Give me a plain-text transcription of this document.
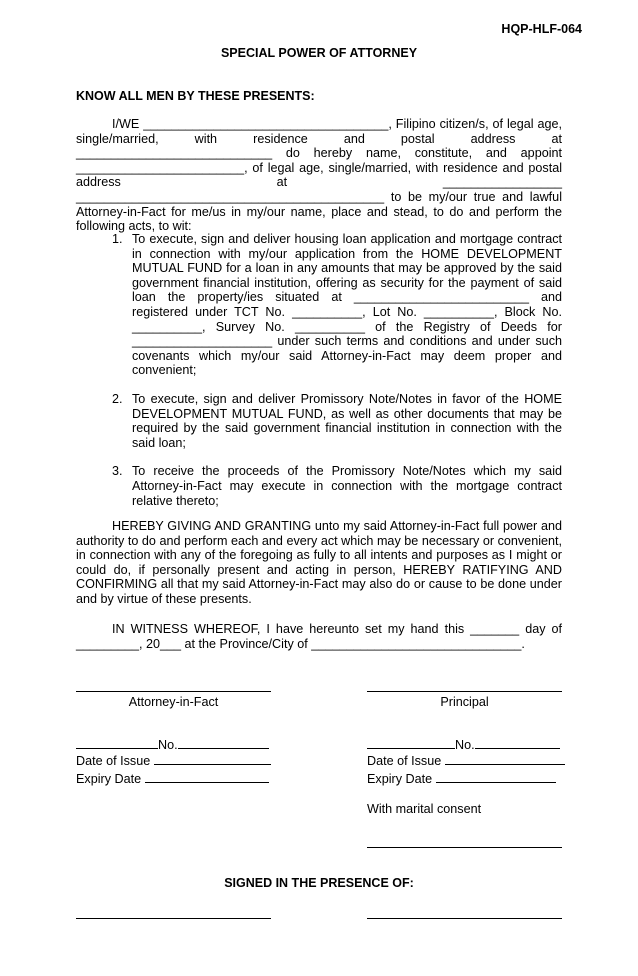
HQP-HLF-064
SPECIAL POWER OF ATTORNEY
KNOW ALL MEN BY THESE PRESENTS:

I/WE ___________________________________, Filipino citizen/s, of legal age, single/married, with residence and postal address at ____________________________ do hereby name, constitute, and appoint ________________________, of legal age, single/married, with residence and postal address at _________________ ____________________________________________ to be my/our true and lawful Attorney-in-Fact for me/us in my/our name, place and stead, to do and perform the following acts, to wit:

1. To execute, sign and deliver housing loan application and mortgage contract in connection with my/our application from the HOME DEVELOPMENT MUTUAL FUND for a loan in any amounts that may be approved by the said government financial institution, offering as security for the payment of said loan the property/ies situated at _________________________ and registered under TCT No. __________, Lot No. __________, Block No. __________, Survey No. __________ of the Registry of Deeds for ____________________ under such terms and conditions and under such covenants which my/our said Attorney-in-Fact may deem proper and convenient;
2. To execute, sign and deliver Promissory Note/Notes in favor of the HOME DEVELOPMENT MUTUAL FUND, as well as other documents that may be required by the said government financial institution in connection with the said loan;
3. To receive the proceeds of the Promissory Note/Notes which my said Attorney-in-Fact may execute in connection with the mortgage contract relative thereto;

HEREBY GIVING AND GRANTING unto my said Attorney-in-Fact full power and authority to do and perform each and every act which may be necessary or convenient, in connection with any of the foregoing as fully to all intents and purposes as I might or could do, if personally present and acting in person, HEREBY RATIFYING AND CONFIRMING all that my said Attorney-in-Fact may also do or cause to be done under and by virtue of these presents.

IN WITNESS WHEREOF, I have hereunto set my hand this _______ day of _________, 20___ at the Province/City of ______________________________.

Attorney-in-Fact	Principal
No.
Date of Issue
Expiry Date
No.
Date of Issue
Expiry Date
With marital consent
SIGNED IN THE PRESENCE OF:
